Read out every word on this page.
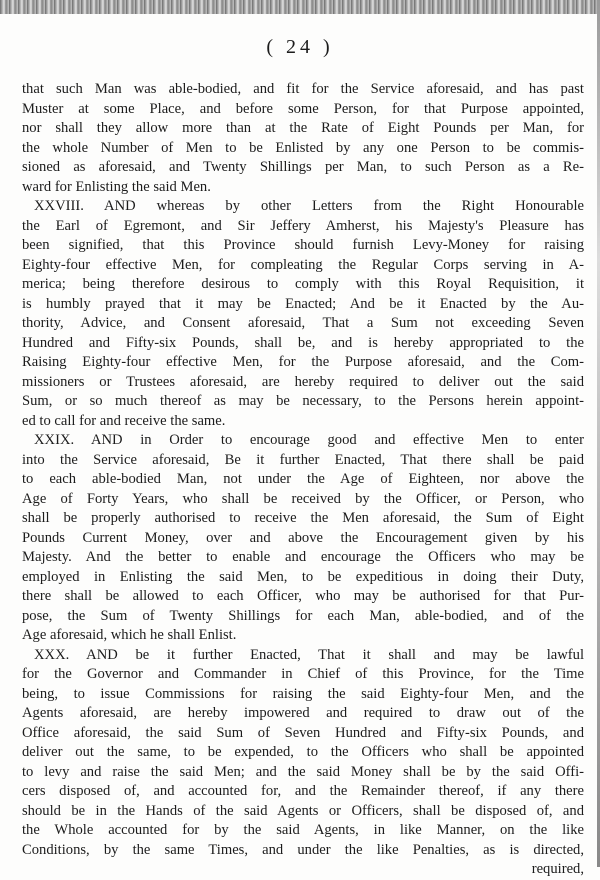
( 24 )
that such Man was able-bodied, and fit for the Service aforesaid, and has past
Muster at some Place, and before some Person, for that Purpose appointed,
nor shall they allow more than at the Rate of Eight Pounds per Man, for
the whole Number of Men to be Enlisted by any one Person to be commis-
sioned as aforesaid, and Twenty Shillings per Man, to such Person as a Re-
ward for Enlisting the said Men.
XXVIII. AND whereas by other Letters from the Right Honourable
the Earl of Egremont, and Sir Jeffery Amherst, his Majesty's Pleasure has
been signified, that this Province should furnish Levy-Money for raising
Eighty-four effective Men, for compleating the Regular Corps serving in A-
merica; being therefore desirous to comply with this Royal Requisition, it
is humbly prayed that it may be Enacted; And be it Enacted by the Au-
thority, Advice, and Consent aforesaid, That a Sum not exceeding Seven
Hundred and Fifty-six Pounds, shall be, and is hereby appropriated to the
Raising Eighty-four effective Men, for the Purpose aforesaid, and the Com-
missioners or Trustees aforesaid, are hereby required to deliver out the said
Sum, or so much thereof as may be necessary, to the Persons herein appoint-
ed to call for and receive the same.
XXIX. AND in Order to encourage good and effective Men to enter
into the Service aforesaid, Be it further Enacted, That there shall be paid
to each able-bodied Man, not under the Age of Eighteen, nor above the
Age of Forty Years, who shall be received by the Officer, or Person, who
shall be properly authorised to receive the Men aforesaid, the Sum of Eight
Pounds Current Money, over and above the Encouragement given by his
Majesty. And the better to enable and encourage the Officers who may be
employed in Enlisting the said Men, to be expeditious in doing their Duty,
there shall be allowed to each Officer, who may be authorised for that Pur-
pose, the Sum of Twenty Shillings for each Man, able-bodied, and of the
Age aforesaid, which he shall Enlist.
XXX. AND be it further Enacted, That it shall and may be lawful
for the Governor and Commander in Chief of this Province, for the Time
being, to issue Commissions for raising the said Eighty-four Men, and the
Agents aforesaid, are hereby impowered and required to draw out of the
Office aforesaid, the said Sum of Seven Hundred and Fifty-six Pounds, and
deliver out the same, to be expended, to the Officers who shall be appointed
to levy and raise the said Men; and the said Money shall be by the said Offi-
cers disposed of, and accounted for, and the Remainder thereof, if any there
should be in the Hands of the said Agents or Officers, shall be disposed of, and
the Whole accounted for by the said Agents, in like Manner, on the like
Conditions, by the same Times, and under the like Penalties, as is directed,
required,
